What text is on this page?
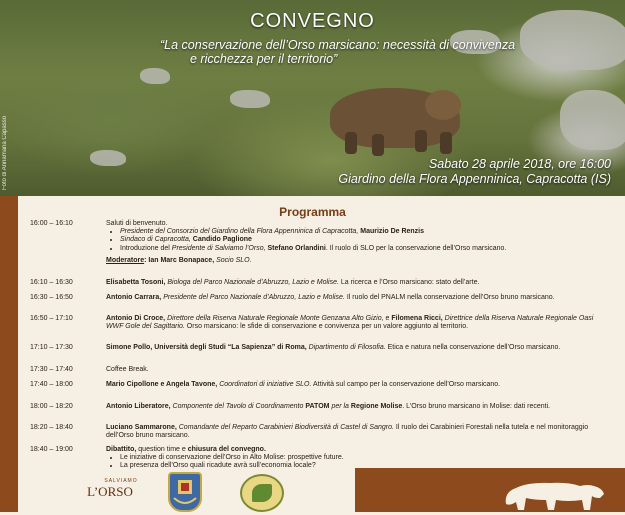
CONVEGNO

“La conservazione dell’Orso marsicano: necessità di convivenza
e ricchezza per il territorio”

Sabato 28 aprile 2018, ore 16:00
Giardino della Flora Appenninica, Capracotta (IS)
Foto di Annamaria Capasso
Programma
16:00 – 16:10	Saluti di benvenuto.
• Presidente del Consorzio del Giardino della Flora Appenninica di Capracotta, Maurizio De Renzis
• Sindaco di Capracotta, Candido Paglione
• Introduzione del Presidente di Salviamo l’Orso, Stefano Orlandini. Il ruolo di SLO per la conservazione dell’Orso marsicano.
Moderatore: Ian Marc Bonapace, Socio SLO.
16:10 – 16:30	Elisabetta Tosoni, Biologa del Parco Nazionale d’Abruzzo, Lazio e Molise. La ricerca e l’Orso marsicano: stato dell’arte.
16:30 – 16:50	Antonio Carrara, Presidente del Parco Nazionale d’Abruzzo, Lazio e Molise. Il ruolo del PNALM nella conservazione dell’Orso bruno marsicano.
16:50 – 17:10	Antonio Di Croce, Direttore della Riserva Naturale Regionale Monte Genzana Alto Gizio, e Filomena Ricci, Direttrice della Riserva Naturale Regionale Oasi WWF Gole del Sagittario. Orso marsicano: le sfide di conservazione e convivenza per un valore aggiunto al territorio.
17:10 – 17:30	Simone Pollo, Università degli Studi “La Sapienza” di Roma, Dipartimento di Filosofia. Etica e natura nella conservazione dell’Orso marsicano.
17:30 – 17:40	Coffee Break.
17:40 – 18:00	Mario Cipollone e Angela Tavone, Coordinatori di iniziative SLO. Attività sul campo per la conservazione dell’Orso marsicano.
18:00 – 18:20	Antonio Liberatore, Componente del Tavolo di Coordinamento PATOM per la Regione Molise. L’Orso bruno marsicano in Molise: dati recenti.
18:20 – 18:40	Luciano Sammarone, Comandante del Reparto Carabinieri Biodiversità di Castel di Sangro. Il ruolo dei Carabinieri Forestali nella tutela e nel monitoraggio dell’Orso bruno marsicano.
18:40 – 19:00	Dibattito, question time e chiusura del convegno.
• Le iniziative di conservazione dell’Orso in Alto Molise: prospettive future.
• La presenza dell’Orso quali ricadute avrà sull’economia locale?
SALVIAMO
L’ORSO
